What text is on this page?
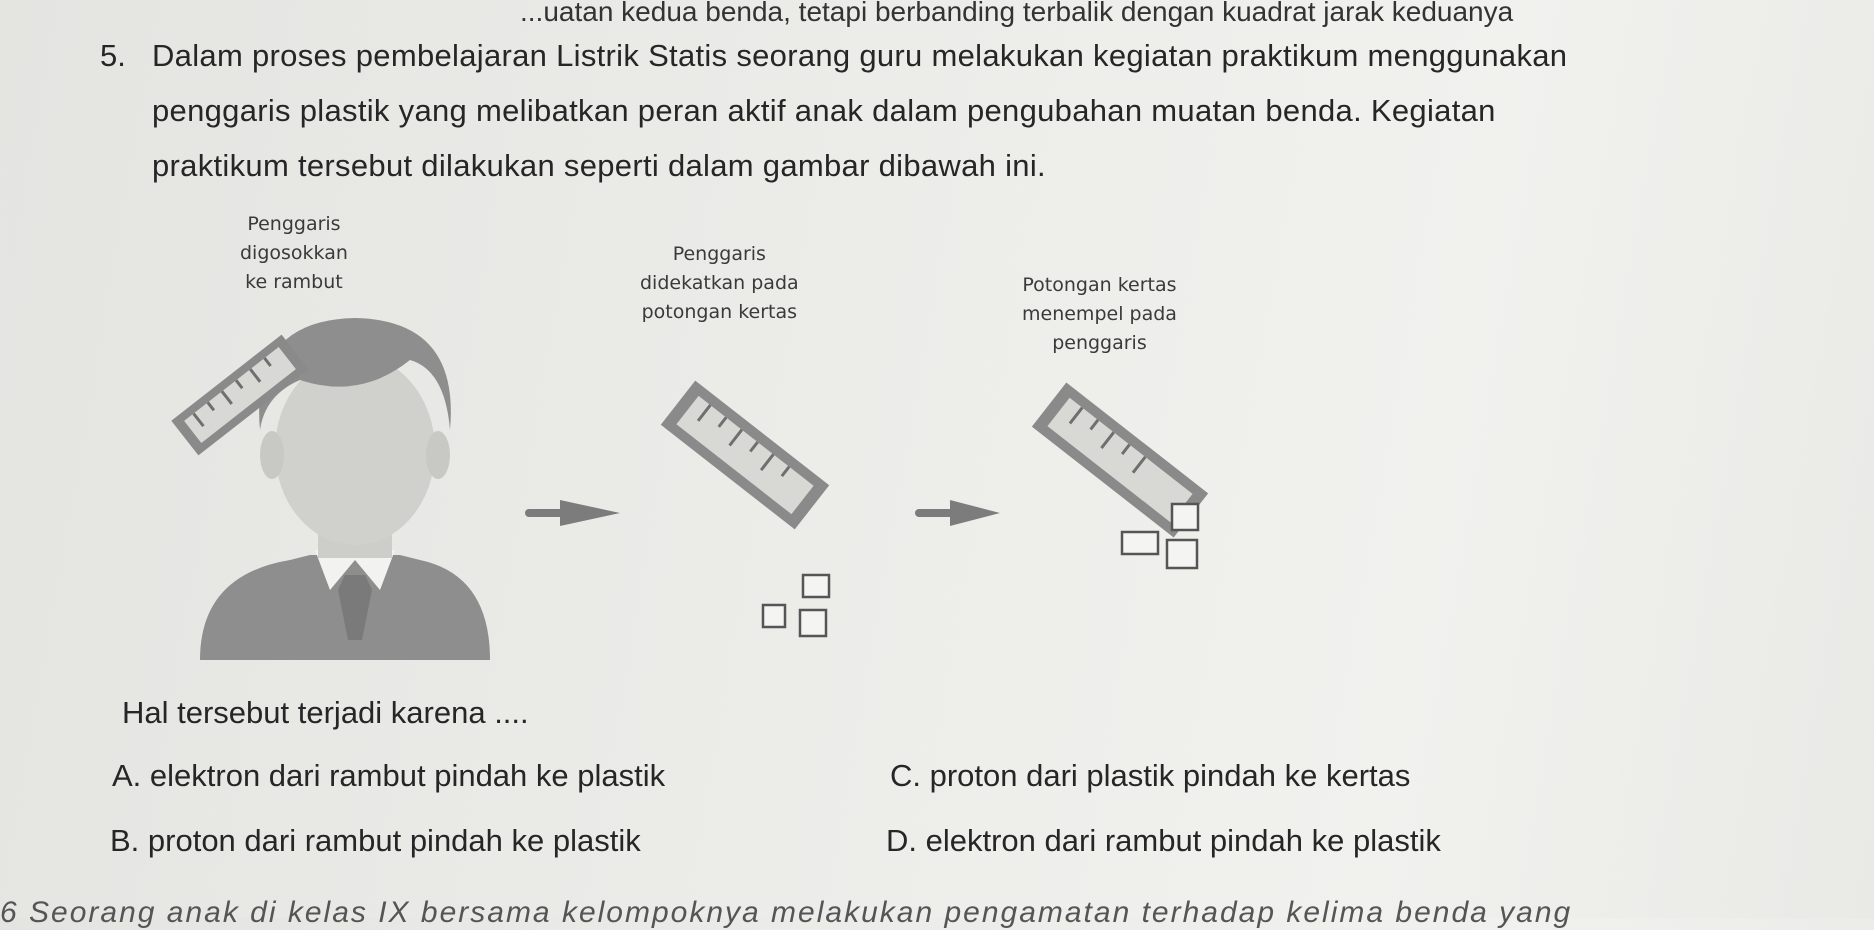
...uatan kedua benda, tetapi berbanding terbalik dengan kuadrat jarak keduanya
5. Dalam proses pembelajaran Listrik Statis seorang guru melakukan kegiatan praktikum menggunakan
penggaris plastik yang melibatkan peran aktif anak dalam pengubahan muatan benda. Kegiatan
praktikum tersebut dilakukan seperti dalam gambar dibawah ini.
Penggaris
digosokkan
ke rambut
Penggaris
didekatkan pada
potongan kertas
Potongan kertas
menempel pada
penggaris
Hal tersebut terjadi karena ....
A. elektron dari rambut pindah ke plastik	C. proton dari plastik pindah ke kertas
B. proton dari rambut pindah ke plastik	D. elektron dari rambut pindah ke plastik
6 Seorang anak di kelas IX bersama kelompoknya melakukan pengamatan terhadap kelima benda yang
